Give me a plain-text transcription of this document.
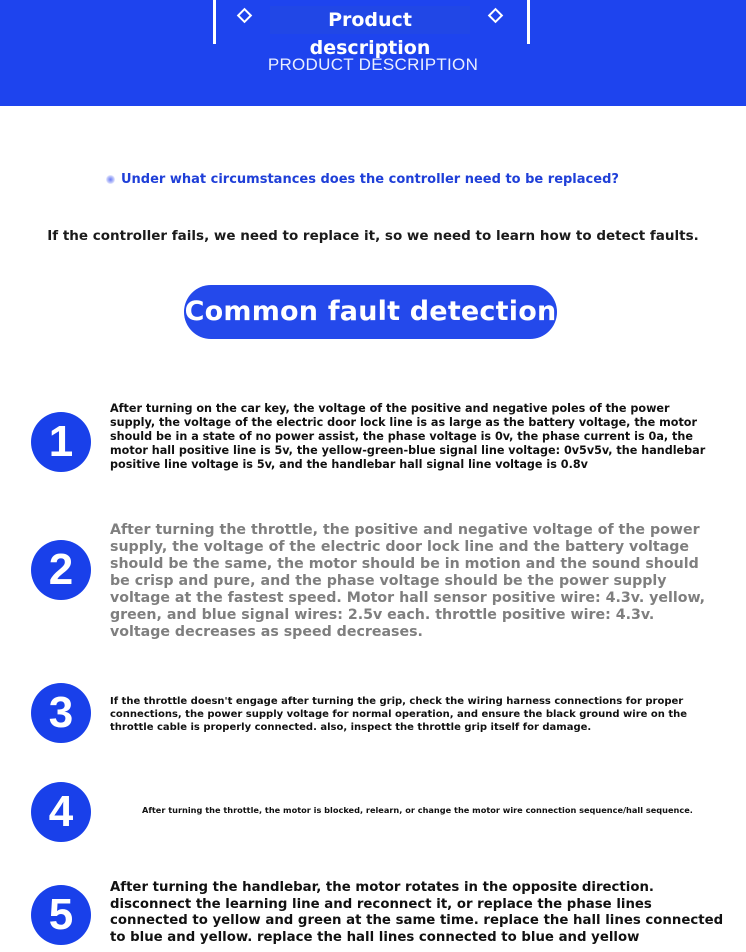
Product description
PRODUCT DESCRIPTION
Under what circumstances does the controller need to be replaced?
If the controller fails, we need to replace it, so we need to learn how to detect faults.
Common fault detection
1
After turning on the car key, the voltage of the positive and negative poles of the power supply, the voltage of the electric door lock line is as large as the battery voltage, the motor should be in a state of no power assist, the phase voltage is 0v, the phase current is 0a, the motor hall positive line is 5v, the yellow-green-blue signal line voltage: 0v5v5v, the handlebar positive line voltage is 5v, and the handlebar hall signal line voltage is 0.8v
2
After turning the throttle, the positive and negative voltage of the power supply, the voltage of the electric door lock line and the battery voltage should be the same, the motor should be in motion and the sound should be crisp and pure, and the phase voltage should be the power supply voltage at the fastest speed. Motor hall sensor positive wire: 4.3v. yellow, green, and blue signal wires: 2.5v each. throttle positive wire: 4.3v. voltage decreases as speed decreases.
3	If the throttle doesn't engage after turning the grip, check the wiring harness connections for proper connections, the power supply voltage for normal operation, and ensure the black ground wire on the throttle cable is properly connected. also, inspect the throttle grip itself for damage.
4	After turning the throttle, the motor is blocked, relearn, or change the motor wire connection sequence/hall sequence.
5
After turning the handlebar, the motor rotates in the opposite direction. disconnect the learning line and reconnect it, or replace the phase lines connected to yellow and green at the same time. replace the hall lines connected to blue and yellow. replace the hall lines connected to blue and yellow
